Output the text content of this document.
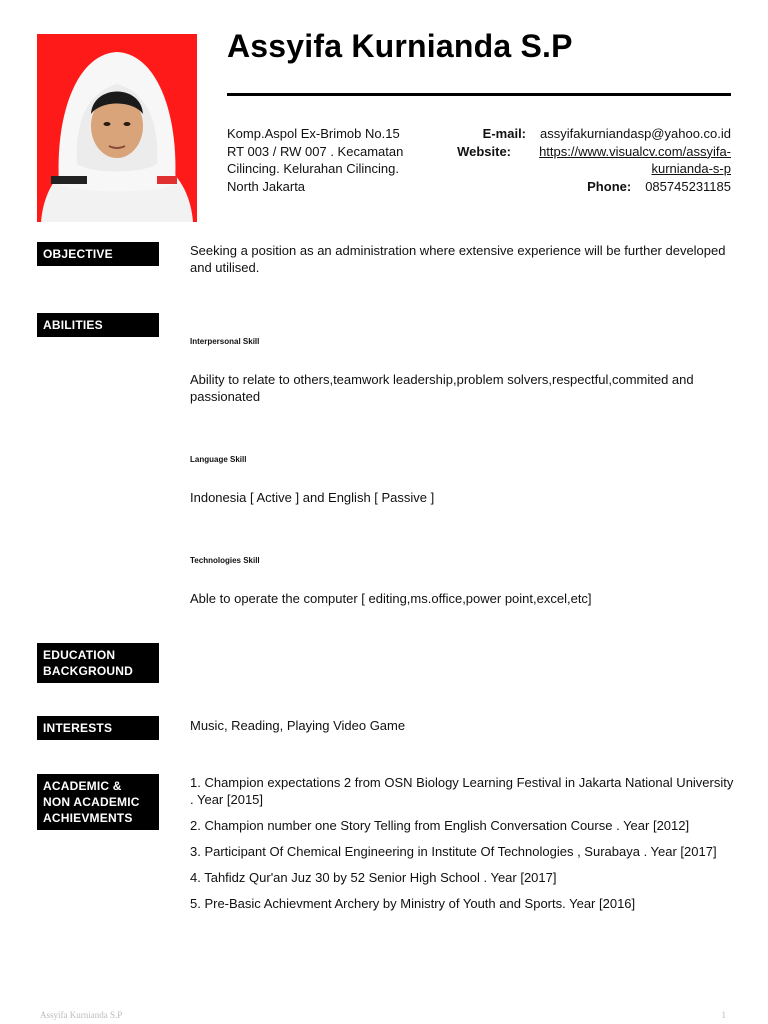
Assyifa Kurnianda S.P
Komp.Aspol Ex-Brimob No.15
RT 003 / RW 007 . Kecamatan
Cilincing. Kelurahan Cilincing.
North Jakarta
E-mail:	assyifakurniandasp@yahoo.co.id
Website:	https://www.visualcv.com/assyifa-
kurnianda-s-p
Phone:	085745231185
OBJECTIVE	Seeking a position as an administration where extensive experience will be further developed and utilised.
ABILITIES
Interpersonal Skill
Ability to relate to others,teamwork leadership,problem solvers,respectful,commited and passionated
Language Skill
Indonesia [ Active ] and English [ Passive ]
Technologies Skill
Able to operate the computer [ editing,ms.office,power point,excel,etc]
EDUCATION
BACKGROUND
INTERESTS	Music, Reading, Playing Video Game
ACADEMIC &
NON ACADEMIC
ACHIEVMENTS

1. Champion expectations 2 from OSN Biology Learning Festival in Jakarta National University . Year [2015]

2. Champion number one Story Telling from English Conversation Course . Year [2012]

3. Participant Of Chemical Engineering in Institute Of Technologies , Surabaya . Year [2017]

4. Tahfidz Qur'an Juz 30 by 52 Senior High School . Year [2017]

5. Pre-Basic Achievment Archery by Ministry of Youth and Sports. Year [2016]

Assyifa Kurnianda S.P	1
